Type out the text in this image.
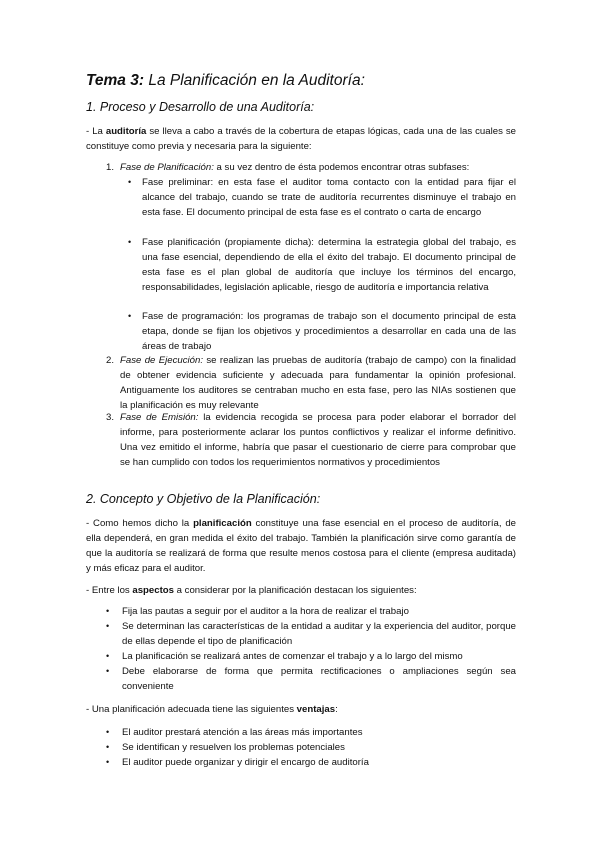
Tema 3: La Planificación en la Auditoría:
1. Proceso y Desarrollo de una Auditoría:
- La auditoría se lleva a cabo a través de la cobertura de etapas lógicas, cada una de las cuales se constituye como previa y necesaria para la siguiente:
1. Fase de Planificación: a su vez dentro de ésta podemos encontrar otras subfases:
• Fase preliminar: en esta fase el auditor toma contacto con la entidad para fijar el alcance del trabajo, cuando se trate de auditoría recurrentes disminuye el trabajo en esta fase. El documento principal de esta fase es el contrato o carta de encargo
• Fase planificación (propiamente dicha): determina la estrategia global del trabajo, es una fase esencial, dependiendo de ella el éxito del trabajo. El documento principal de esta fase es el plan global de auditoría que incluye los términos del encargo, responsabilidades, legislación aplicable, riesgo de auditoría e importancia relativa
• Fase de programación: los programas de trabajo son el documento principal de esta etapa, donde se fijan los objetivos y procedimientos a desarrollar en cada una de las áreas de trabajo
2. Fase de Ejecución: se realizan las pruebas de auditoría (trabajo de campo) con la finalidad de obtener evidencia suficiente y adecuada para fundamentar la opinión profesional. Antiguamente los auditores se centraban mucho en esta fase, pero las NIAs sostienen que la planificación es muy relevante
3. Fase de Emisión: la evidencia recogida se procesa para poder elaborar el borrador del informe, para posteriormente aclarar los puntos conflictivos y realizar el informe definitivo. Una vez emitido el informe, habría que pasar el cuestionario de cierre para comprobar que se han cumplido con todos los requerimientos normativos y procedimientos
2. Concepto y Objetivo de la Planificación:
- Como hemos dicho la planificación constituye una fase esencial en el proceso de auditoría, de ella dependerá, en gran medida el éxito del trabajo. También la planificación sirve como garantía de que la auditoría se realizará de forma que resulte menos costosa para el cliente (empresa auditada) y más eficaz para el auditor.
- Entre los aspectos a considerar por la planificación destacan los siguientes:
• Fija las pautas a seguir por el auditor a la hora de realizar el trabajo
• Se determinan las características de la entidad a auditar y la experiencia del auditor, porque de ellas depende el tipo de planificación
• La planificación se realizará antes de comenzar el trabajo y a lo largo del mismo
• Debe elaborarse de forma que permita rectificaciones o ampliaciones según sea conveniente
- Una planificación adecuada tiene las siguientes ventajas:
• El auditor prestará atención a las áreas más importantes
• Se identifican y resuelven los problemas potenciales
• El auditor puede organizar y dirigir el encargo de auditoría
